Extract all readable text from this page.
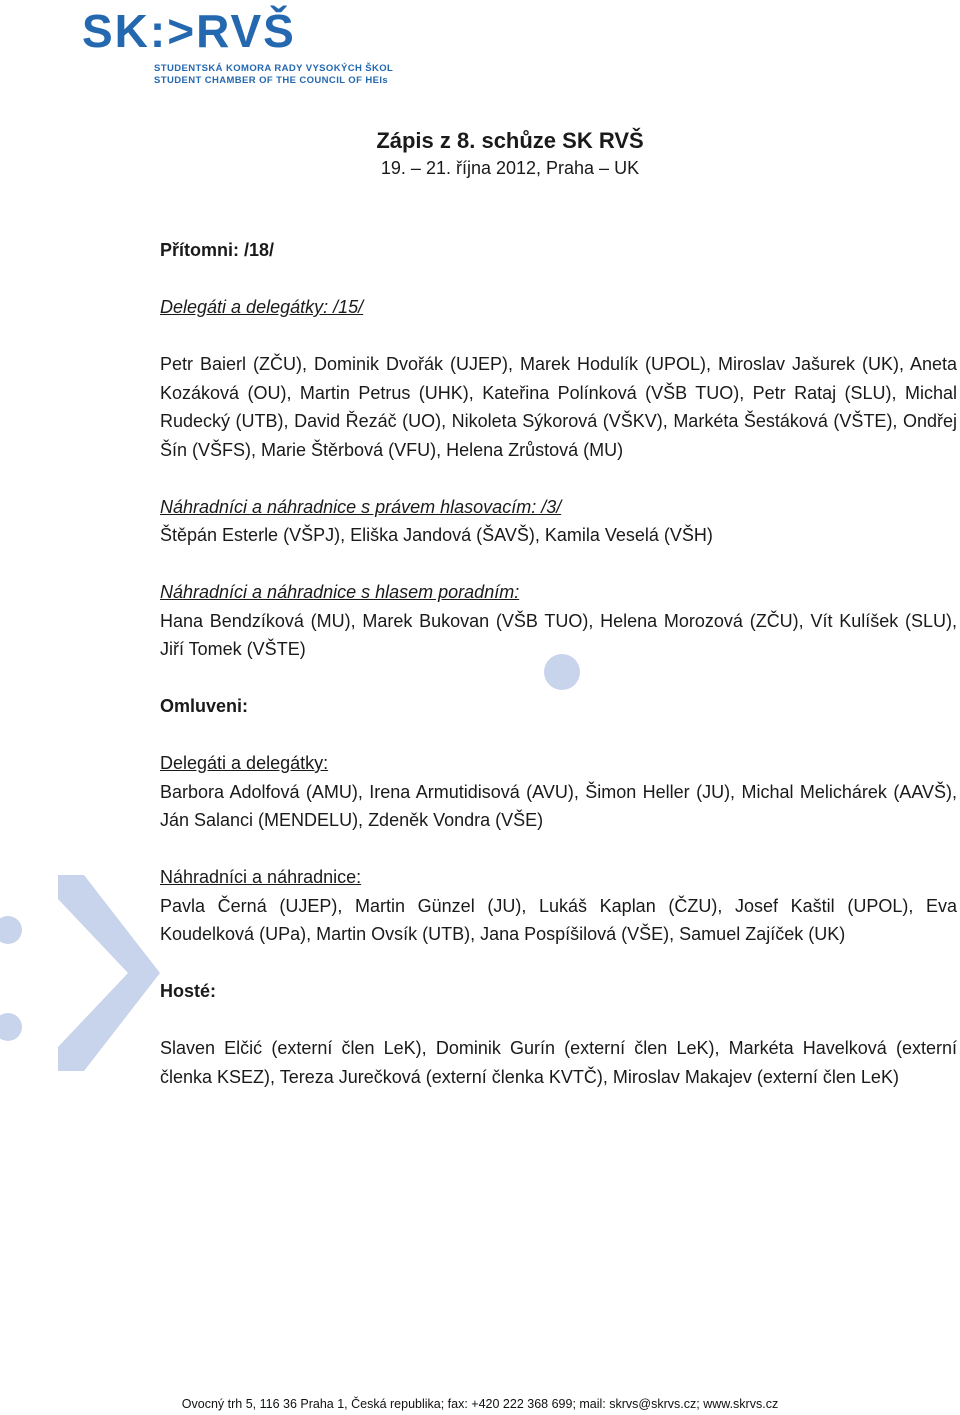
SK:>RVŠ
STUDENTSKÁ KOMORA RADY VYSOKÝCH ŠKOL
STUDENT CHAMBER OF THE COUNCIL OF HEIs
Zápis z 8. schůze SK RVŠ
19. – 21. října 2012, Praha – UK

Přítomni: /18/

Delegáti a delegátky: /15/

Petr Baierl (ZČU), Dominik Dvořák (UJEP), Marek Hodulík (UPOL), Miroslav Jašurek (UK), Aneta Kozáková (OU), Martin Petrus (UHK), Kateřina Polínková (VŠB TUO), Petr Rataj (SLU), Michal Rudecký (UTB), David Řezáč (UO), Nikoleta Sýkorová (VŠKV), Markéta Šestáková (VŠTE), Ondřej Šín (VŠFS), Marie Štěrbová (VFU), Helena Zrůstová (MU)

Náhradníci a náhradnice s právem hlasovacím: /3/

Štěpán Esterle (VŠPJ), Eliška Jandová (ŠAVŠ), Kamila Veselá (VŠH)

Náhradníci a náhradnice s hlasem poradním:

Hana Bendzíková (MU), Marek Bukovan (VŠB TUO), Helena Morozová (ZČU), Vít Kulíšek (SLU), Jiří Tomek (VŠTE)

Omluveni:

Delegáti a delegátky:

Barbora Adolfová (AMU), Irena Armutidisová (AVU), Šimon Heller (JU), Michal Melichárek (AAVŠ), Ján Salanci (MENDELU), Zdeněk Vondra (VŠE)

Náhradníci a náhradnice:

Pavla Černá (UJEP), Martin Günzel (JU), Lukáš Kaplan (ČZU), Josef Kaštil (UPOL), Eva Koudelková (UPa), Martin Ovsík (UTB), Jana Pospíšilová (VŠE), Samuel Zajíček (UK)

Hosté:

Slaven Elčić (externí člen LeK), Dominik Gurín (externí člen LeK), Markéta Havelková (externí členka KSEZ), Tereza Jurečková (externí členka KVTČ), Miroslav Makajev (externí člen LeK)

Ovocný trh 5, 116 36 Praha 1, Česká republika; fax: +420 222 368 699; mail: skrvs@skrvs.cz; www.skrvs.cz
